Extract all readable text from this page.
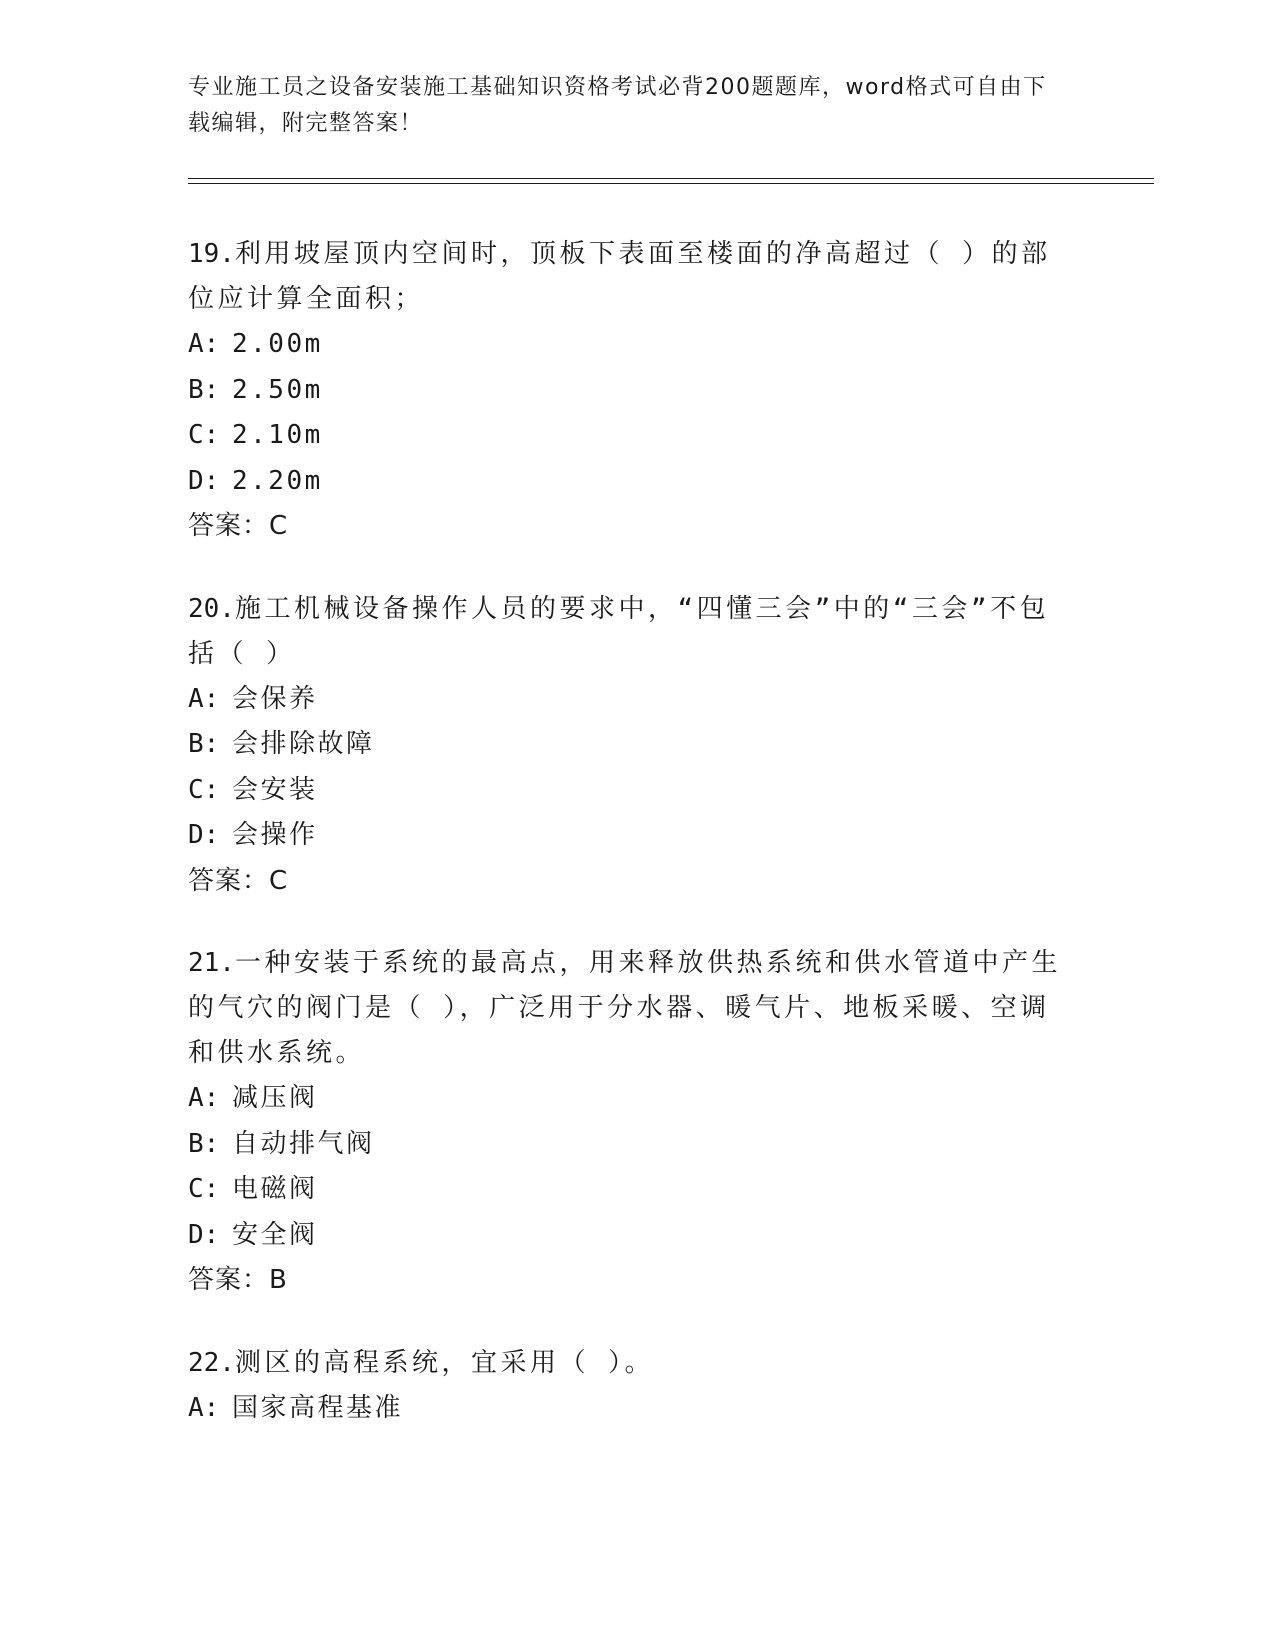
专业施工员之设备安装施工基础知识资格考试必背200题题库，word格式可自由下载编辑，附完整答案！

19.利用坡屋顶内空间时，顶板下表面至楼面的净高超过（ ）的部位应计算全面积；

A: 2.00m
B: 2.50m
C: 2.10m
D: 2.20m

答案：C

20.施工机械设备操作人员的要求中，“四懂三会”中的“三会”不包括（ ）

A: 会保养
B: 会排除故障
C: 会安装
D: 会操作

答案：C

21.一种安装于系统的最高点，用来释放供热系统和供水管道中产生的气穴的阀门是（ ），广泛用于分水器、暖气片、地板采暖、空调和供水系统。

A: 减压阀
B: 自动排气阀
C: 电磁阀
D: 安全阀

答案：B

22.测区的高程系统，宜采用（ ）。

A: 国家高程基准
